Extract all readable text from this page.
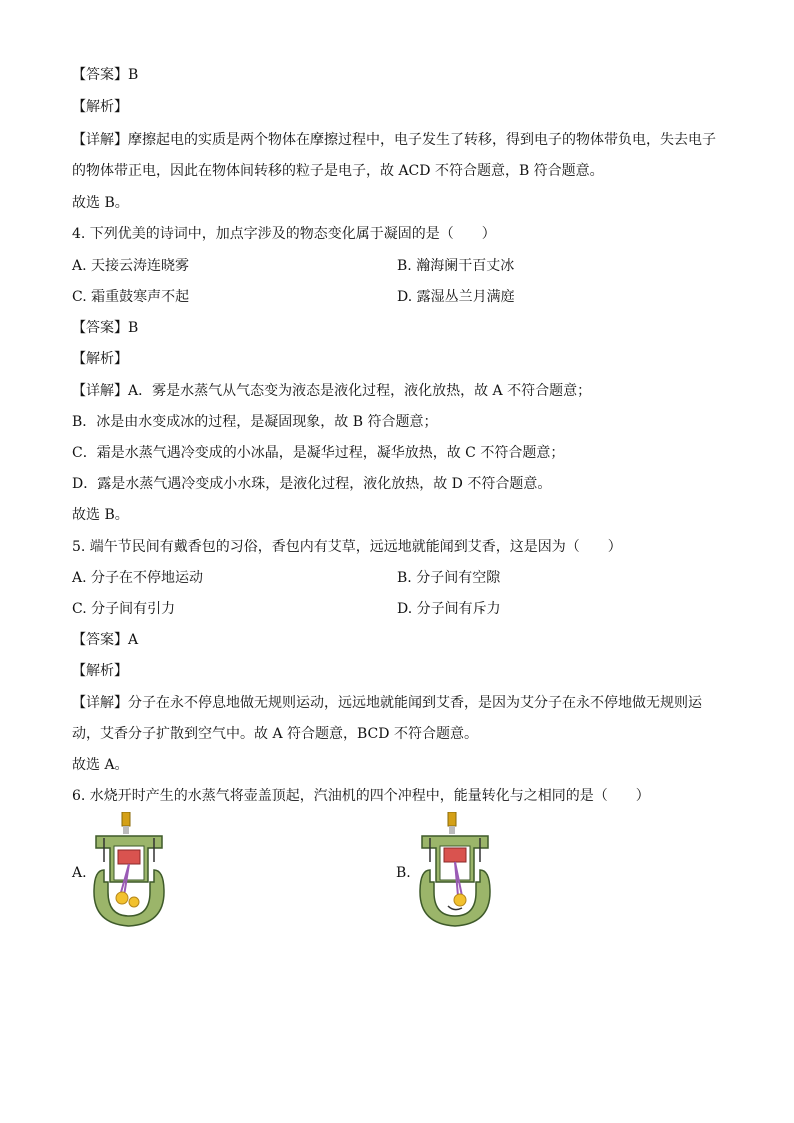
【答案】B
【解析】
【详解】摩擦起电的实质是两个物体在摩擦过程中，电子发生了转移，得到电子的物体带负电，失去电子
的物体带正电，因此在物体间转移的粒子是电子，故 ACD 不符合题意，B 符合题意。
故选 B。
4. 下列优美的诗词中，加点字涉及的物态变化属于凝固的是（　　）
A. 天接云涛连晓雾	B. 瀚海阑干百丈冰
C. 霜重鼓寒声不起	D. 露湿丛兰月满庭
【答案】B
【解析】
【详解】A．雾是水蒸气从气态变为液态是液化过程，液化放热，故 A 不符合题意；
B．冰是由水变成冰的过程，是凝固现象，故 B 符合题意；
C．霜是水蒸气遇冷变成的小冰晶，是凝华过程，凝华放热，故 C 不符合题意；
D．露是水蒸气遇冷变成小水珠，是液化过程，液化放热，故 D 不符合题意。
故选 B。
5. 端午节民间有戴香包的习俗，香包内有艾草，远远地就能闻到艾香，这是因为（　　）
A. 分子在不停地运动	B. 分子间有空隙
C. 分子间有引力	D. 分子间有斥力
【答案】A
【解析】
【详解】分子在永不停息地做无规则运动，远远地就能闻到艾香，是因为艾分子在永不停地做无规则运
动，艾香分子扩散到空气中。故 A 符合题意，BCD 不符合题意。
故选 A。
6. 水烧开时产生的水蒸气将壶盖顶起，汽油机的四个冲程中，能量转化与之相同的是（　　）
A.	B.
